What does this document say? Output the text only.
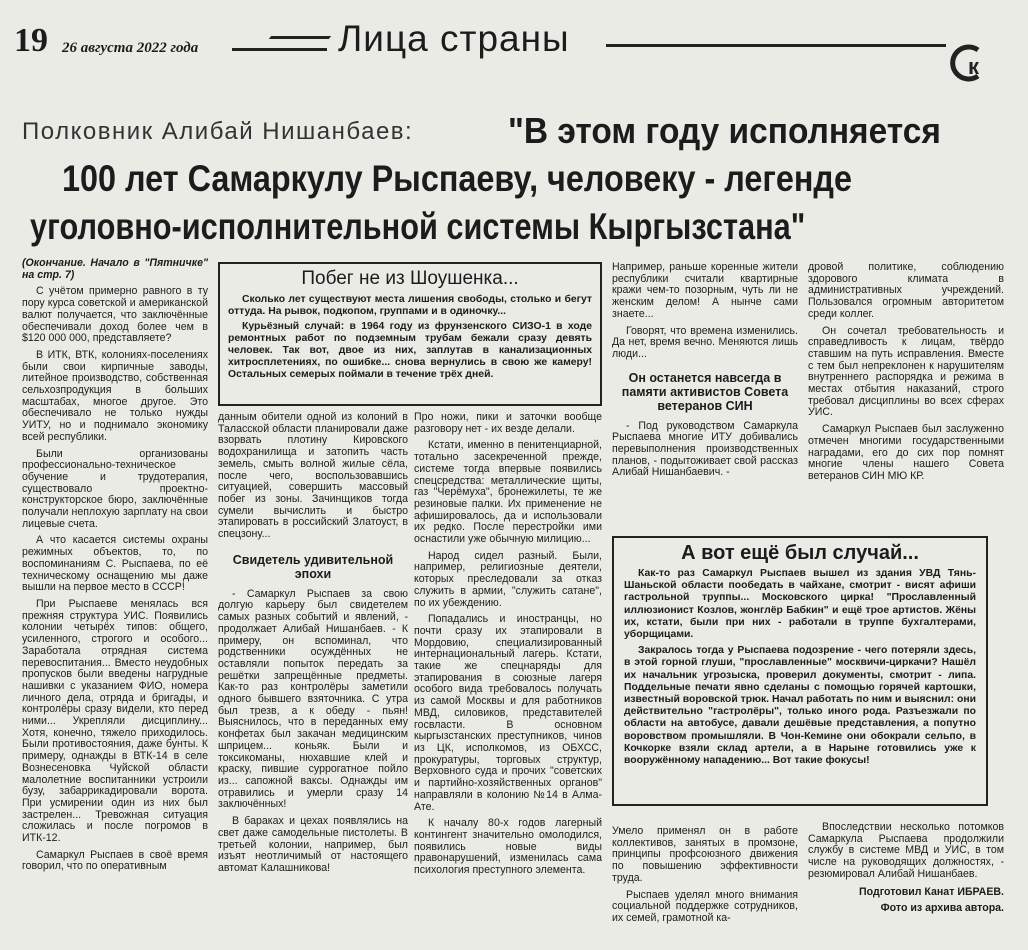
19 26 августа 2022 года	Лица страны
к
Полковник Алибай Нишанбаев:	"В этом году исполняется
100 лет Самаркулу Рыспаеву, человеку - легенде
уголовно-исполнительной системы Кыргызстана"

(Окончание. Начало в "Пятничке" на стр. 7)

С учётом примерно равного в ту пору курса советской и американской валют получается, что заключённые обеспечивали доход более чем в $120 000 000, представляете?

В ИТК, ВТК, колониях-поселениях были свои кирпичные заводы, литейное производство, собственная сельхозпродукция в больших масштабах, многое другое. Это обеспечивало не только нужды УИТУ, но и поднимало экономику всей республики.

Были организованы профессионально-техническое обучение и трудотерапия, существовало проектно-конструкторское бюро, заключённые получали неплохую зарплату на свои лицевые счета.

А что касается системы охраны режимных объектов, то, по воспоминаниям С. Рыспаева, по её техническому оснащению мы даже вышли на первое место в СССР!

При Рыспаеве менялась вся прежняя структура УИС. Появились колонии четырёх типов: общего, усиленного, строгого и особого... Заработала отрядная система перевоспитания... Вместо неудобных пропусков были введены нагрудные нашивки с указанием ФИО, номера личного дела, отряда и бригады, и контролёры сразу видели, кто перед ними... Укрепляли дисциплину... Хотя, конечно, тяжело приходилось. Были противостояния, даже бунты. К примеру, однажды в ВТК-14 в селе Вознесеновка Чуйской области малолетние воспитанники устроили бузу, забаррикадировали ворота. При усмирении один из них был застрелен... Тревожная ситуация сложилась и после погромов в ИТК-12.

Самаркул Рыспаев в своё время говорил, что по оперативным

Побег не из Шоушенка...

Сколько лет существуют места лишения свободы, столько и бегут оттуда. На рывок, подкопом, группами и в одиночку...

Курьёзный случай: в 1964 году из фрунзенского СИЗО-1 в ходе ремонтных работ по подземным трубам бежали сразу девять человек. Так вот, двое из них, заплутав в канализационных хитросплетениях, по ошибке... снова вернулись в свою же камеру! Остальных семерых поймали в течение трёх дней.

данным обители одной из колоний в Таласской области планировали даже взорвать плотину Кировского водохранилища и затопить часть земель, смыть волной жилые сёла, после чего, воспользовавшись ситуацией, совершить массовый побег из зоны. Зачинщиков тогда сумели вычислить и быстро этапировать в российский Златоуст, в спецзону...

Свидетель удивительной эпохи

- Самаркул Рыспаев за свою долгую карьеру был свидетелем самых разных событий и явлений, - продолжает Алибай Нишанбаев. - К примеру, он вспоминал, что родственники осуждённых не оставляли попыток передать за решётки запрещённые предметы. Как-то раз контролёры заметили одного бывшего взяточника. С утра был трезв, а к обеду - пьян! Выяснилось, что в переданных ему конфетах был закачан медицинским шприцем... коньяк. Были и токсикоманы, нюхавшие клей и краску, пившие суррогатное пойло из... сапожной ваксы. Однажды им отравились и умерли сразу 14 заключённых!

В бараках и цехах появлялись на свет даже самодельные пистолеты. В третьей колонии, например, был изъят неотличимый от настоящего автомат Калашникова!

Про ножи, пики и заточки вообще разговору нет - их везде делали.

Кстати, именно в пенитенциарной, тотально засекреченной прежде, системе тогда впервые появились спецсредства: металлические щиты, газ "Черёмуха", бронежилеты, те же резиновые палки. Их применение не афишировалось, да и использовали их редко. После перестройки ими оснастили уже обычную милицию...

Народ сидел разный. Были, например, религиозные деятели, которых преследовали за отказ служить в армии, "служить сатане", по их убеждению.

Попадались и иностранцы, но почти сразу их этапировали в Мордовию, специализированный интернациональный лагерь. Кстати, такие же спецнаряды для этапирования в союзные лагеря особого вида требовалось получать из самой Москвы и для работников МВД, силовиков, представителей госвласти. В основном кыргызстанских преступников, чинов из ЦК, исполкомов, из ОБХСС, прокуратуры, торговых структур, Верховного суда и прочих "советских и партийно-хозяйственных органов" направляли в колонию №14 в Алма-Ате.

К началу 80-х годов лагерный контингент значительно омолодился, появились новые виды правонарушений, изменилась сама психология преступного элемента.

Например, раньше коренные жители республики считали квартирные кражи чем-то позорным, чуть ли не женским делом! А нынче сами знаете...

Говорят, что времена изменились. Да нет, время вечно. Меняются лишь люди...

Он останется навсегда в памяти активистов Совета ветеранов СИН

- Под руководством Самаркула Рыспаева многие ИТУ добивались перевыполнения производственных планов, - подытоживает свой рассказ Алибай Нишанбаевич. -

дровой политике, соблюдению здорового климата в административных учреждений. Пользовался огромным авторитетом среди коллег.

Он сочетал требовательность и справедливость к лицам, твёрдо ставшим на путь исправления. Вместе с тем был непреклонен к нарушителям внутреннего распорядка и режима в местах отбытия наказаний, строго требовал дисциплины во всех сферах УИС.

Самаркул Рыспаев был заслуженно отмечен многими государственными наградами, его до сих пор помнят многие члены нашего Совета ветеранов СИН МЮ КР.

А вот ещё был случай...

Как-то раз Самаркул Рыспаев вышел из здания УВД Тянь-Шаньской области пообедать в чайхане, смотрит - висят афиши гастрольной труппы... Московского цирка! "Прославленный иллюзионист Козлов, жонглёр Бабкин" и ещё трое артистов. Жёны их, кстати, были при них - работали в труппе бухгалтерами, уборщицами.

Закралось тогда у Рыспаева подозрение - чего потеряли здесь, в этой горной глуши, "прославленные" москвичи-циркачи? Нашёл их начальник угрозыска, проверил документы, смотрит - липа. Поддельные печати явно сделаны с помощью горячей картошки, известный воровской трюк. Начал работать по ним и выяснил: они действительно "гастролёры", только иного рода. Разъезжали по области на автобусе, давали дешёвые представления, а попутно воровством промышляли. В Чон-Кемине они обокрали сельпо, в Кочкорке взяли склад артели, а в Нарыне готовились уже к вооружённому нападению... Вот такие фокусы!

Умело применял он в работе коллективов, занятых в промзоне, принципы профсоюзного движения по повышению эффективности труда.

Рыспаев уделял много внимания социальной поддержке сотрудников, их семей, грамотной ка-

Впоследствии несколько потомков Самаркула Рыспаева продолжили службу в системе МВД и УИС, в том числе на руководящих должностях, - резюмировал Алибай Нишанбаев.

Подготовил Канат ИБРАЕВ.

Фото из архива автора.
